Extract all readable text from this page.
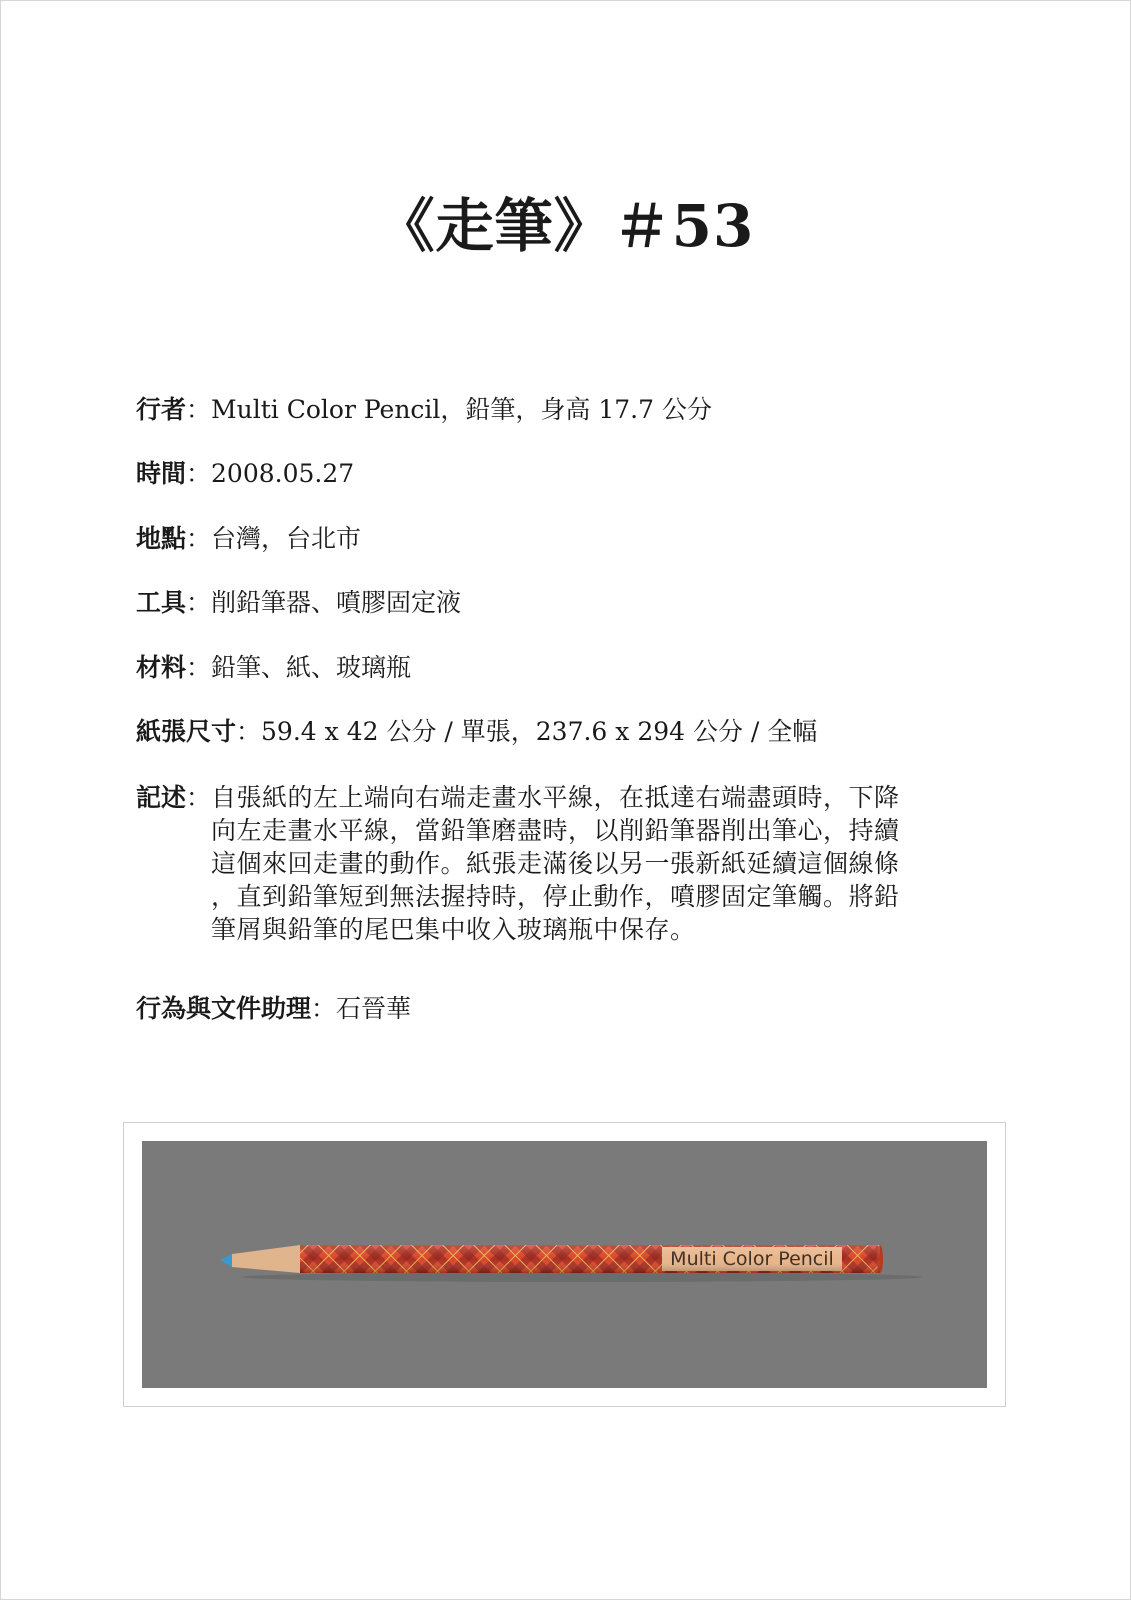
《走筆》＃53
行者：Multi Color Pencil，鉛筆，身高 17.7 公分
時間：2008.05.27
地點：台灣，台北市
工具：削鉛筆器、噴膠固定液
材料：鉛筆、紙、玻璃瓶
紙張尺寸：59.4 x 42 公分 / 單張，237.6 x 294 公分 / 全幅
記述 ： 自張紙的左上端向右端走畫水平線，在抵達右端盡頭時，下降
向左走畫水平線，當鉛筆磨盡時，以削鉛筆器削出筆心，持續
這個來回走畫的動作。紙張走滿後以另一張新紙延續這個線條
，直到鉛筆短到無法握持時，停止動作，噴膠固定筆觸。將鉛
筆屑與鉛筆的尾巴集中收入玻璃瓶中保存。
行為與文件助理：石晉華
